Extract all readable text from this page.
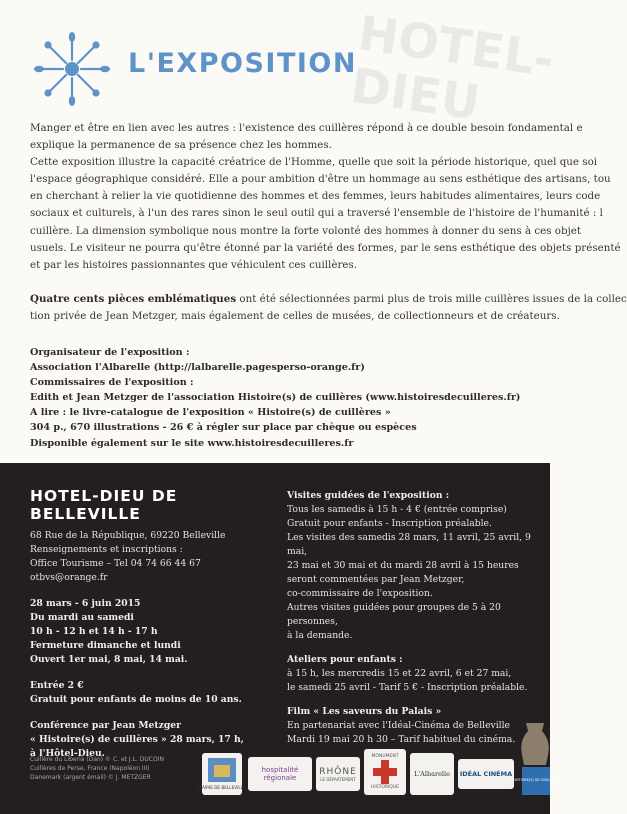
HOTEL-DIEU
L'EXPOSITION

Manger et être en lien avec les autres : l'existence des cuillères répond à ce double besoin fondamental e

explique la permanence de sa présence chez les hommes.

Cette exposition illustre la capacité créatrice de l'Homme, quelle que soit la période historique, quel que soi

l'espace géographique considéré. Elle a pour ambition d'être un hommage au sens esthétique des artisans, tou

en cherchant à relier la vie quotidienne des hommes et des femmes, leurs habitudes alimentaires, leurs code

sociaux et culturels, à l'un des rares sinon le seul outil qui a traversé l'ensemble de l'histoire de l'humanité : l

cuillère. La dimension symbolique nous montre la forte volonté des hommes à donner du sens à ces objet

usuels. Le visiteur ne pourra qu'être étonné par la variété des formes, par le sens esthétique des objets présenté

et par les histoires passionnantes que véhiculent ces cuillères.

Quatre cents pièces emblématiques ont été sélectionnées parmi plus de trois mille cuillères issues de la collec

tion privée de Jean Metzger, mais également de celles de musées, de collectionneurs et de créateurs.

Organisateur de l'exposition :

Association l'Albarelle (http://lalbarelle.pagesperso-orange.fr)

Commissaires de l'exposition :

Edith et Jean Metzger de l'association Histoire(s) de cuillères (www.histoiresdecuilleres.fr)

A lire : le livre-catalogue de l'exposition « Histoire(s) de cuillères »

304 p., 670 illustrations - 26 € à régler sur place par chèque ou espèces

Disponible également sur le site www.histoiresdecuilleres.fr

HOTEL-DIEU DE BELLEVILLE

68 Rue de la République, 69220 Belleville

Renseignements et inscriptions :

Office Tourisme – Tel 04 74 66 44 67 otbvs@orange.fr

28 mars - 6 juin 2015

Du mardi au samedi

10 h - 12 h et 14 h - 17 h

Fermeture dimanche et lundi

Ouvert 1er mai, 8 mai, 14 mai.

Entrée 2 €

Gratuit pour enfants de moins de 10 ans.

Conférence par Jean Metzger

« Histoire(s) de cuillères » 28 mars, 17 h,

à l'Hôtel-Dieu.

Visites guidées de l'exposition :

Tous les samedis à 15 h - 4 € (entrée comprise)

Gratuit pour enfants - Inscription préalable.

Les visites des samedis 28 mars, 11 avril, 25 avril, 9 mai,

23 mai et 30 mai et du mardi 28 avril à 15 heures

seront commentées par Jean Metzger,

co-commissaire de l'exposition.

Autres visites guidées pour groupes de 5 à 20 personnes,

à la demande.

Ateliers pour enfants :

à 15 h, les mercredis 15 et 22 avril, 6 et 27 mai,

le samedi 25 avril - Tarif 5 € - Inscription préalable.

Film « Les saveurs du Palais »

En partenariat avec l'Idéal-Cinéma de Belleville

Mardi 19 mai 20 h 30 – Tarif habituel du cinéma.

Cuillère du Liberia (Dan) © C. et J.L. DUCOIN

Cuillères de Perse, France (Napoléon III)

Danemark (argent émail) © J. METZGER

MAIRIE DE BELLEVILLE
hospitalité régionale
RHÔNE
LE DÉPARTEMENT
MONUMENT
HISTORIQUE
L'Albarelle IDÉAL CINÉMA
HISTOIRE(S) DE CUILLÈRES
